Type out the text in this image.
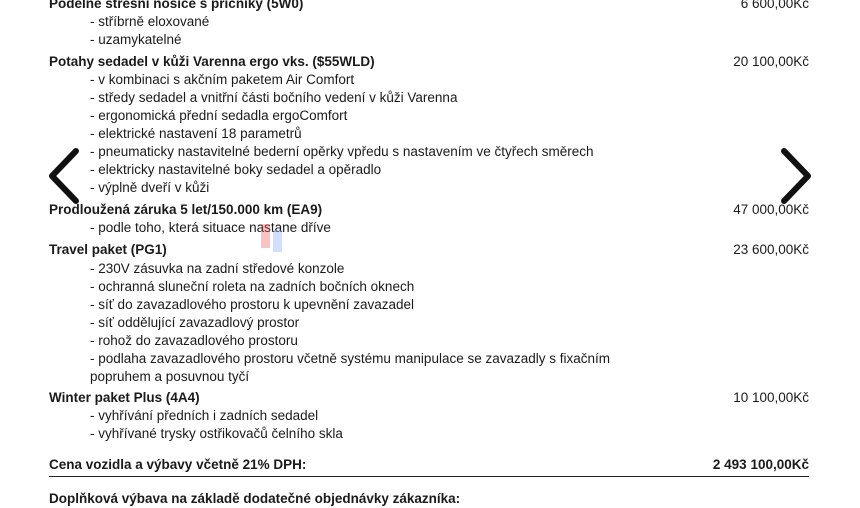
Podélné střešní nosiče s příčníky (5W0)	6 600,00Kč
- stříbrně eloxované
- uzamykatelné
Potahy sedadel v kůži Varenna ergo vks. ($55WLD)	20 100,00Kč
- v kombinaci s akčním paketem Air Comfort
- středy sedadel a vnitřní části bočního vedení v kůži Varenna
- ergonomická přední sedadla ergoComfort
- elektrické nastavení 18 parametrů
- pneumaticky nastavitelné bederní opěrky vpředu s nastavením ve čtyřech směrech
- elektricky nastavitelné boky sedadel a opěradlo
- výplně dveří v kůži
Prodloužená záruka 5 let/150.000 km (EA9)	47 000,00Kč
- podle toho, která situace nastane dříve
Travel paket (PG1)	23 600,00Kč
- 230V zásuvka na zadní středové konzole
- ochranná sluneční roleta na zadních bočních oknech
- síť do zavazadlového prostoru k upevnění zavazadel
- síť oddělující zavazadlový prostor
- rohož do zavazadlového prostoru
- podlaha zavazadlového prostoru včetně systému manipulace se zavazadly s fixačním
popruhem a posuvnou tyčí
Winter paket Plus (4A4)	10 100,00Kč
- vyhřívání předních i zadních sedadel
- vyhřívané trysky ostřikovačů čelního skla
Cena vozidla a výbavy včetně 21% DPH:	2 493 100,00Kč
Doplňková výbava na základě dodatečné objednávky zákazníka:
